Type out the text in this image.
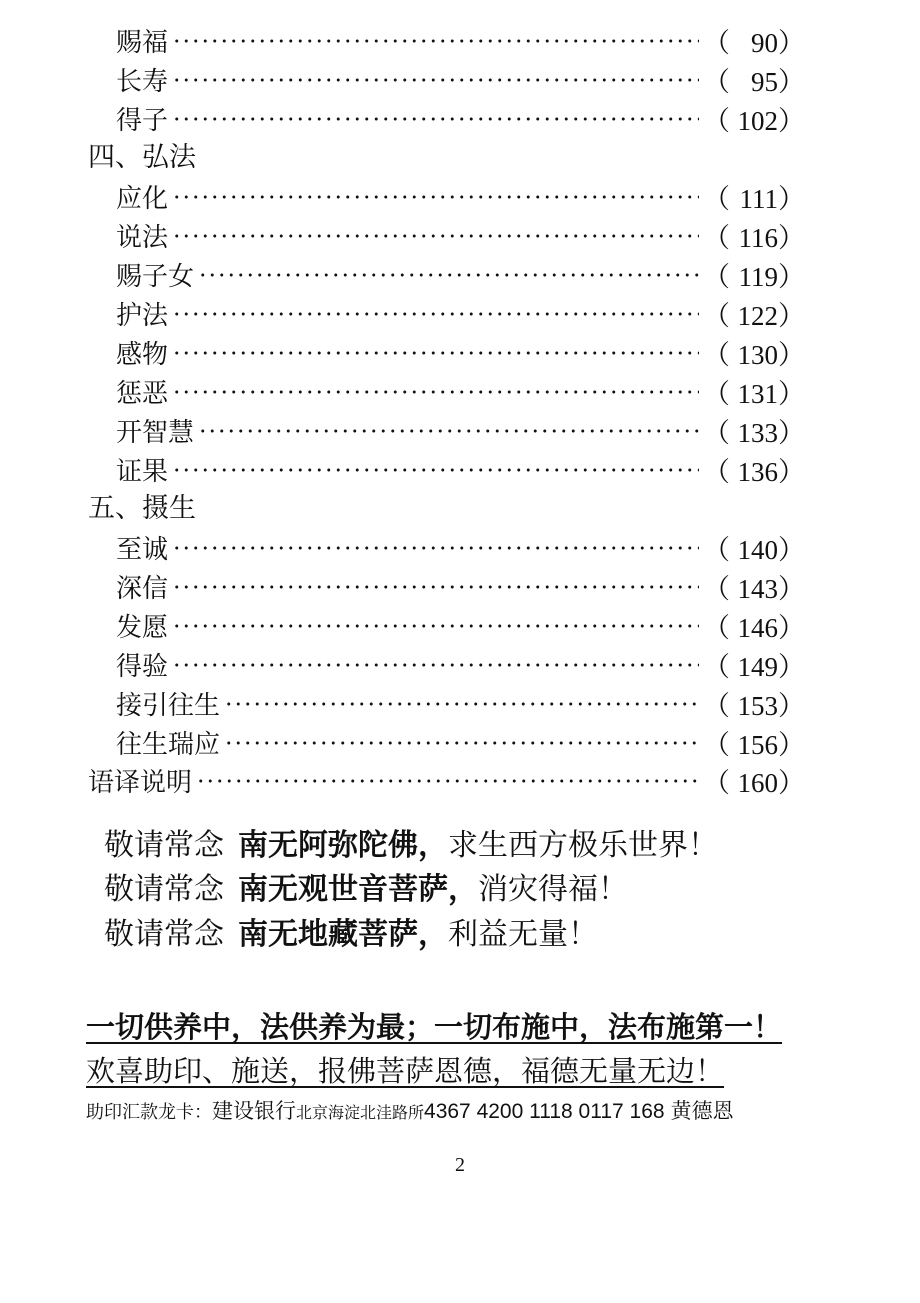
赐福	（ 90）
长寿	（ 95）
得子	（ 102）
四、弘法
应化	（ 111）
说法	（ 116）
赐子女	（ 119）
护法	（ 122）
感物	（ 130）
惩恶	（ 131）
开智慧	（ 133）
证果	（ 136）
五、摄生
至诚	（ 140）
深信	（ 143）
发愿	（ 146）
得验	（ 149）
接引往生	（ 153）
往生瑞应	（ 156）
语译说明	（ 160）
敬请常念 南无阿弥陀佛，求生西方极乐世界！
敬请常念 南无观世音菩萨，消灾得福！
敬请常念 南无地藏菩萨，利益无量！
一切供养中，法供养为最；一切布施中，法布施第一！
欢喜助印、施送，报佛菩萨恩德，福德无量无边！
助印汇款龙卡：建设银行北京海淀北洼路所4367 4200 1118 0117 168 黄德恩
2
